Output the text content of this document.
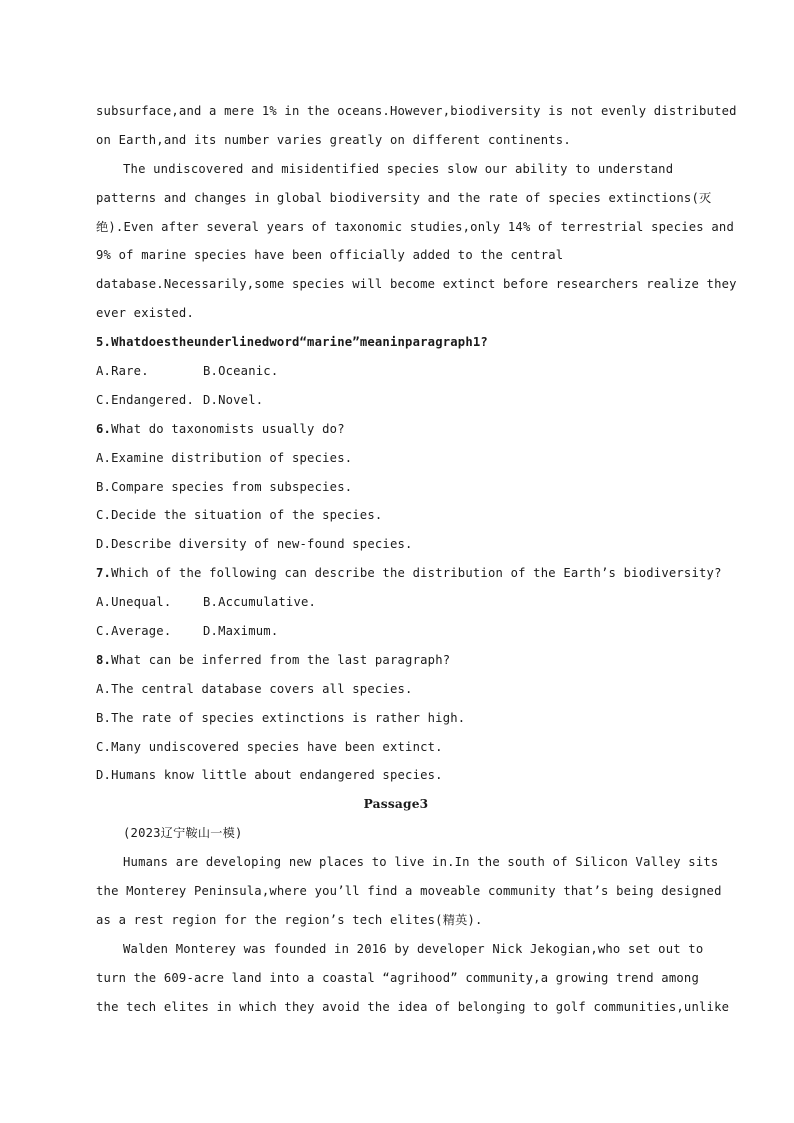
subsurface,and a mere 1% in the oceans.However,biodiversity is not evenly distributed
on Earth,and its number varies greatly on different continents.
The undiscovered and misidentified species slow our ability to understand
patterns and changes in global biodiversity and the rate of species extinctions(灭
绝).Even after several years of taxonomic studies,only 14% of terrestrial species and
9% of marine species have been officially added to the central
database.Necessarily,some species will become extinct before researchers realize they
ever existed.
5.Whatdoestheunderlinedword“marine”meaninparagraph1?
A.Rare.	B.Oceanic.
C.Endangered. D.Novel.
6.What do taxonomists usually do?
A.Examine distribution of species.
B.Compare species from subspecies.
C.Decide the situation of the species.
D.Describe diversity of new-found species.
7.Which of the following can describe the distribution of the Earth’s biodiversity?
A.Unequal.	B.Accumulative.
C.Average.	D.Maximum.
8.What can be inferred from the last paragraph?
A.The central database covers all species.
B.The rate of species extinctions is rather high.
C.Many undiscovered species have been extinct.
D.Humans know little about endangered species.
Passage3
(2023辽宁鞍山一模)
Humans are developing new places to live in.In the south of Silicon Valley sits
the Monterey Peninsula,where you’ll find a moveable community that’s being designed
as a rest region for the region’s tech elites(精英).
Walden Monterey was founded in 2016 by developer Nick Jekogian,who set out to
turn the 609-acre land into a coastal “agrihood” community,a growing trend among
the tech elites in which they avoid the idea of belonging to golf communities,unlike
